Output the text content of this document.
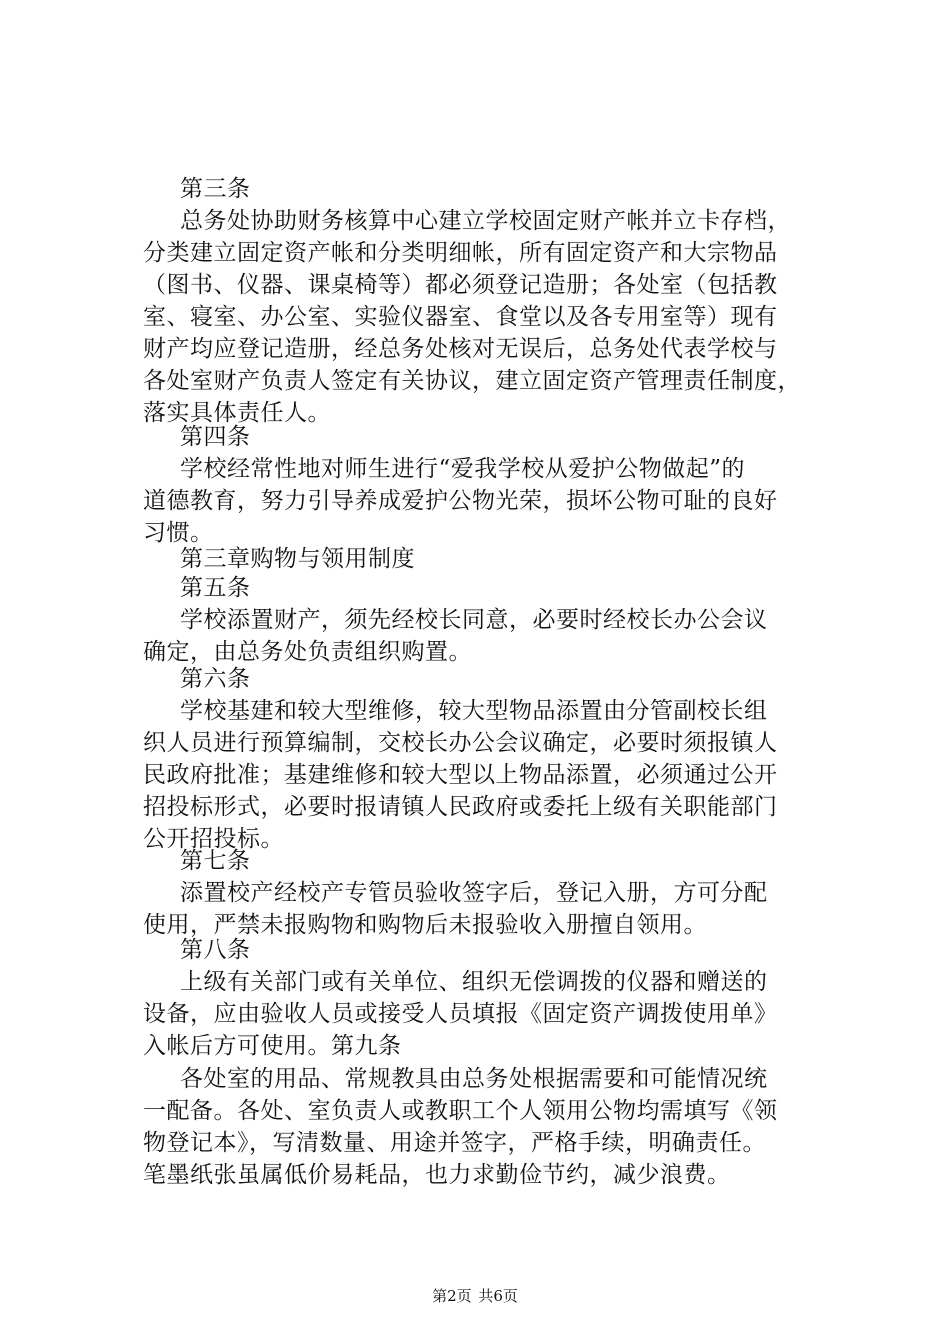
第三条
总务处协助财务核算中心建立学校固定财产帐并立卡存档，
分类建立固定资产帐和分类明细帐，所有固定资产和大宗物品
（图书、仪器、课桌椅等）都必须登记造册；各处室（包括教
室、寝室、办公室、实验仪器室、食堂以及各专用室等）现有
财产均应登记造册，经总务处核对无误后，总务处代表学校与
各处室财产负责人签定有关协议，建立固定资产管理责任制度，
落实具体责任人。
第四条
学校经常性地对师生进行“爱我学校从爱护公物做起”的
道德教育，努力引导养成爱护公物光荣，损坏公物可耻的良好
习惯。
第三章购物与领用制度
第五条
学校添置财产，须先经校长同意，必要时经校长办公会议
确定，由总务处负责组织购置。
第六条
学校基建和较大型维修，较大型物品添置由分管副校长组
织人员进行预算编制，交校长办公会议确定，必要时须报镇人
民政府批准；基建维修和较大型以上物品添置，必须通过公开
招投标形式，必要时报请镇人民政府或委托上级有关职能部门
公开招投标。
第七条
添置校产经校产专管员验收签字后，登记入册，方可分配
使用，严禁未报购物和购物后未报验收入册擅自领用。
第八条
上级有关部门或有关单位、组织无偿调拨的仪器和赠送的
设备，应由验收人员或接受人员填报《固定资产调拨使用单》
入帐后方可使用。第九条
各处室的用品、常规教具由总务处根据需要和可能情况统
一配备。各处、室负责人或教职工个人领用公物均需填写《领
物登记本》，写清数量、用途并签字，严格手续，明确责任。
笔墨纸张虽属低价易耗品，也力求勤俭节约，减少浪费。
第2页 共6页
